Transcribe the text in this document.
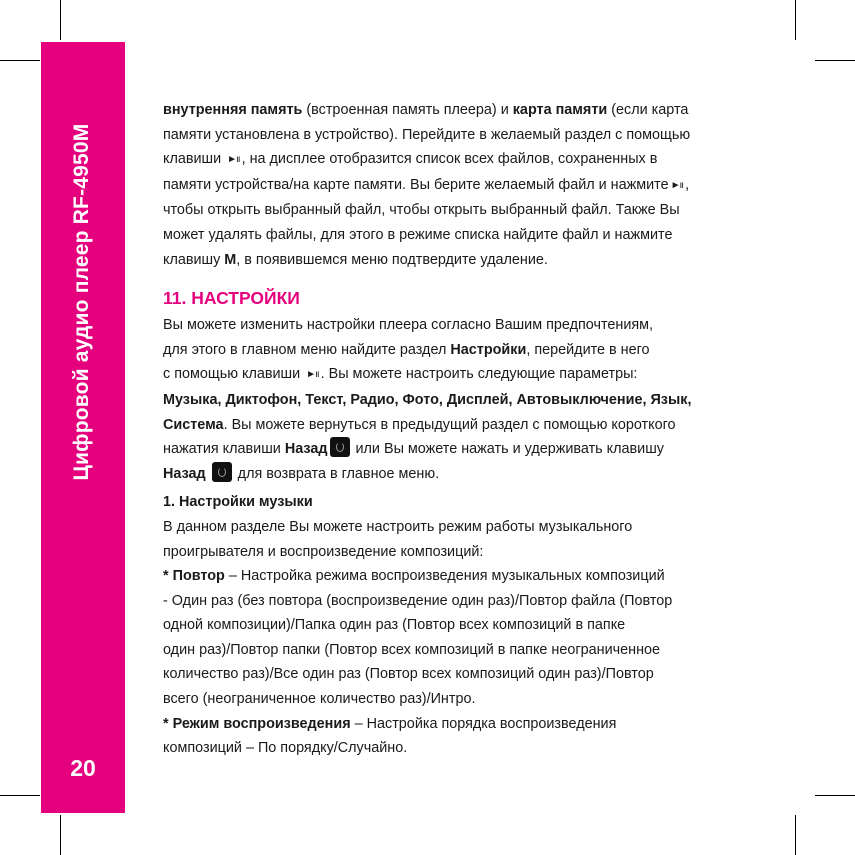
Цифровой аудио плеер RF-4950M
20

внутренняя память (встроенная память плеера) и карта памяти (если карта

памяти установлена в устройство). Перейдите в желаемый раздел с помощью

клавиши ►ıı , на дисплее отобразится список всех файлов, сохраненных в

памяти устройства/на карте памяти. Вы берите желаемый файл и нажмите ►ıı ,

чтобы открыть выбранный файл, чтобы открыть выбранный файл. Также Вы

может удалять файлы, для этого в режиме списка найдите файл и нажмите

клавишу M, в появившемся меню подтвердите удаление.

11. НАСТРОЙКИ

Вы можете изменить настройки плеера согласно Вашим предпочтениям,

для этого в главном меню найдите раздел Настройки, перейдите в него

с помощью клавиши ►ıı . Вы можете настроить следующие параметры:

Музыка, Диктофон, Текст, Радио, Фото, Дисплей, Автовыключение, Язык,

Система. Вы можете вернуться в предыдущий раздел с помощью короткого

нажатия клавиши Назад или Вы можете нажать и удерживать клавишу

Назад  для возврата в главное меню.

1. Настройки музыки

В данном разделе Вы можете настроить режим работы музыкального

проигрывателя и воспроизведение композиций:

* Повтор – Настройка режима воспроизведения музыкальных композиций

- Один раз (без повтора (воспроизведение один раз)/Повтор файла (Повтор

одной композиции)/Папка один раз (Повтор всех композиций в папке

один раз)/Повтор папки (Повтор всех композиций в папке неограниченное

количество раз)/Все один раз (Повтор всех композиций один раз)/Повтор

всего (неограниченное количество раз)/Интро.

* Режим воспроизведения – Настройка порядка воспроизведения

композиций – По порядку/Случайно.
